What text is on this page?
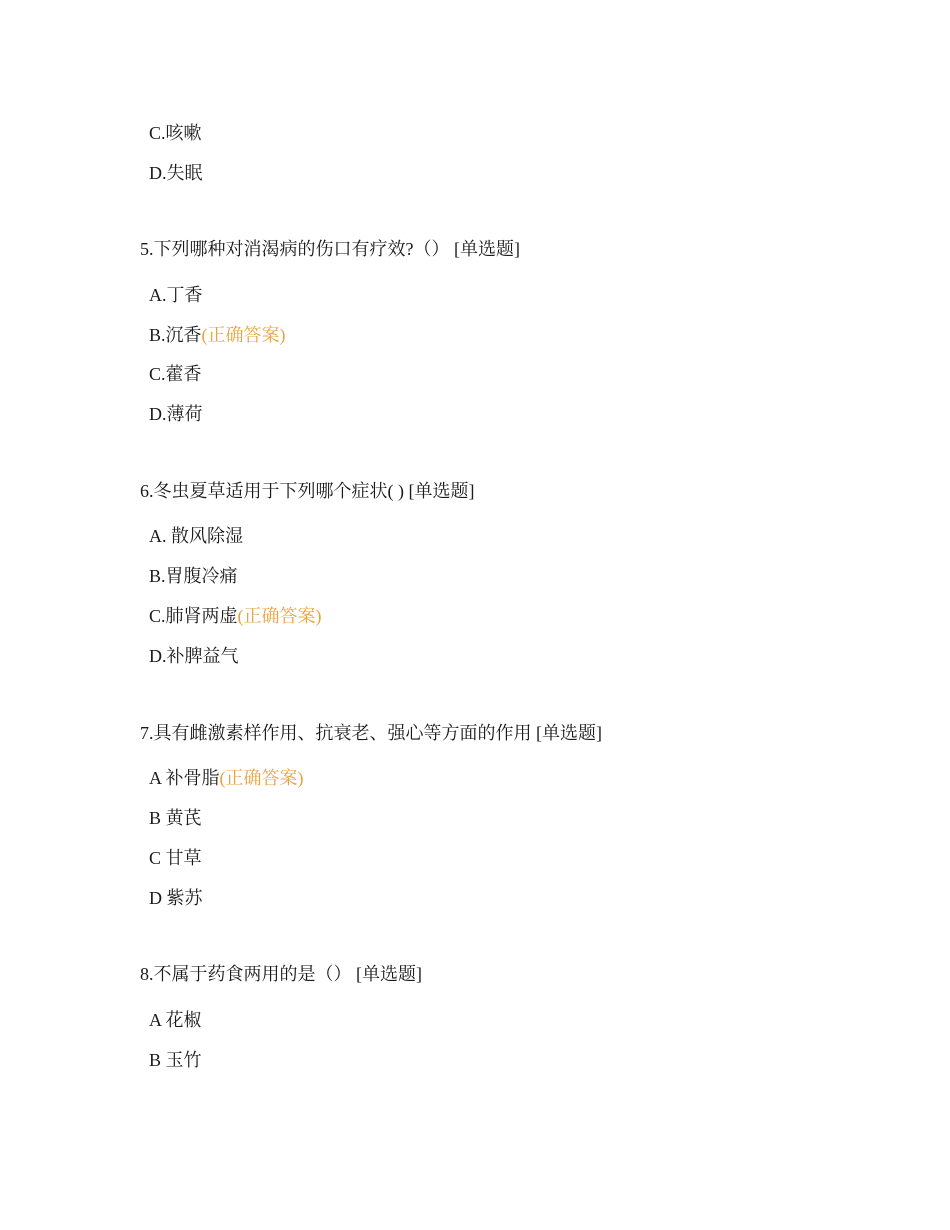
C.咳嗽
D.失眠
5.下列哪种对消渴病的伤口有疗效?（） [单选题]
A.丁香
B.沉香(正确答案)
C.藿香
D.薄荷
6.冬虫夏草适用于下列哪个症状( ) [单选题]
A. 散风除湿
B.胃腹冷痛
C.肺肾两虚(正确答案)
D.补脾益气
7.具有雌激素样作用、抗衰老、强心等方面的作用 [单选题]
A 补骨脂(正确答案)
B 黄芪
C 甘草
D 紫苏
8.不属于药食两用的是（） [单选题]
A 花椒
B 玉竹
